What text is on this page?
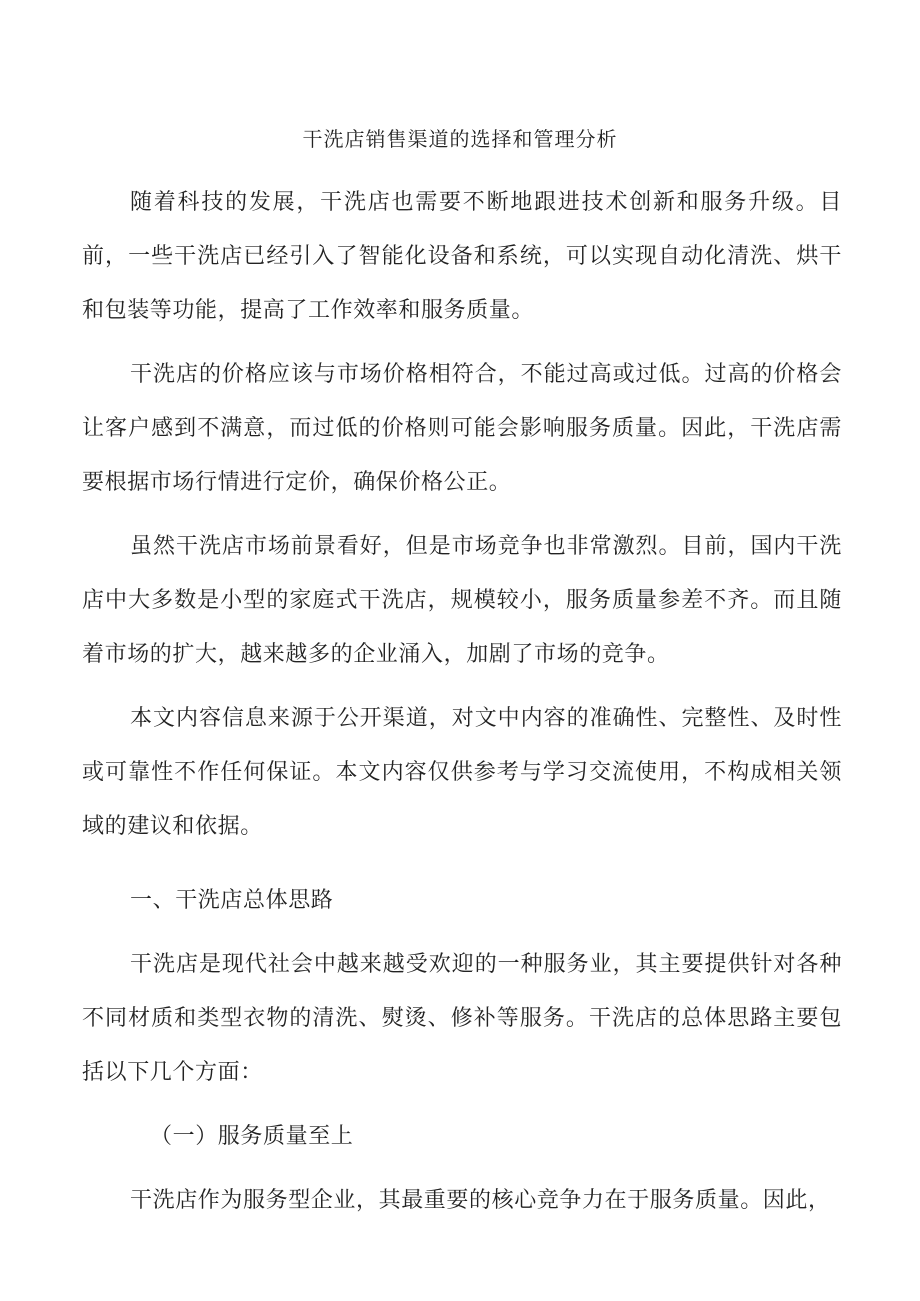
干洗店销售渠道的选择和管理分析

随着科技的发展，干洗店也需要不断地跟进技术创新和服务升级。目前，一些干洗店已经引入了智能化设备和系统，可以实现自动化清洗、烘干和包装等功能，提高了工作效率和服务质量。

干洗店的价格应该与市场价格相符合，不能过高或过低。过高的价格会让客户感到不满意，而过低的价格则可能会影响服务质量。因此，干洗店需要根据市场行情进行定价，确保价格公正。

虽然干洗店市场前景看好，但是市场竞争也非常激烈。目前，国内干洗店中大多数是小型的家庭式干洗店，规模较小，服务质量参差不齐。而且随着市场的扩大，越来越多的企业涌入，加剧了市场的竞争。

本文内容信息来源于公开渠道，对文中内容的准确性、完整性、及时性或可靠性不作任何保证。本文内容仅供参考与学习交流使用，不构成相关领域的建议和依据。

一、干洗店总体思路

干洗店是现代社会中越来越受欢迎的一种服务业，其主要提供针对各种不同材质和类型衣物的清洗、熨烫、修补等服务。干洗店的总体思路主要包括以下几个方面：

（一）服务质量至上

干洗店作为服务型企业，其最重要的核心竞争力在于服务质量。因此，
